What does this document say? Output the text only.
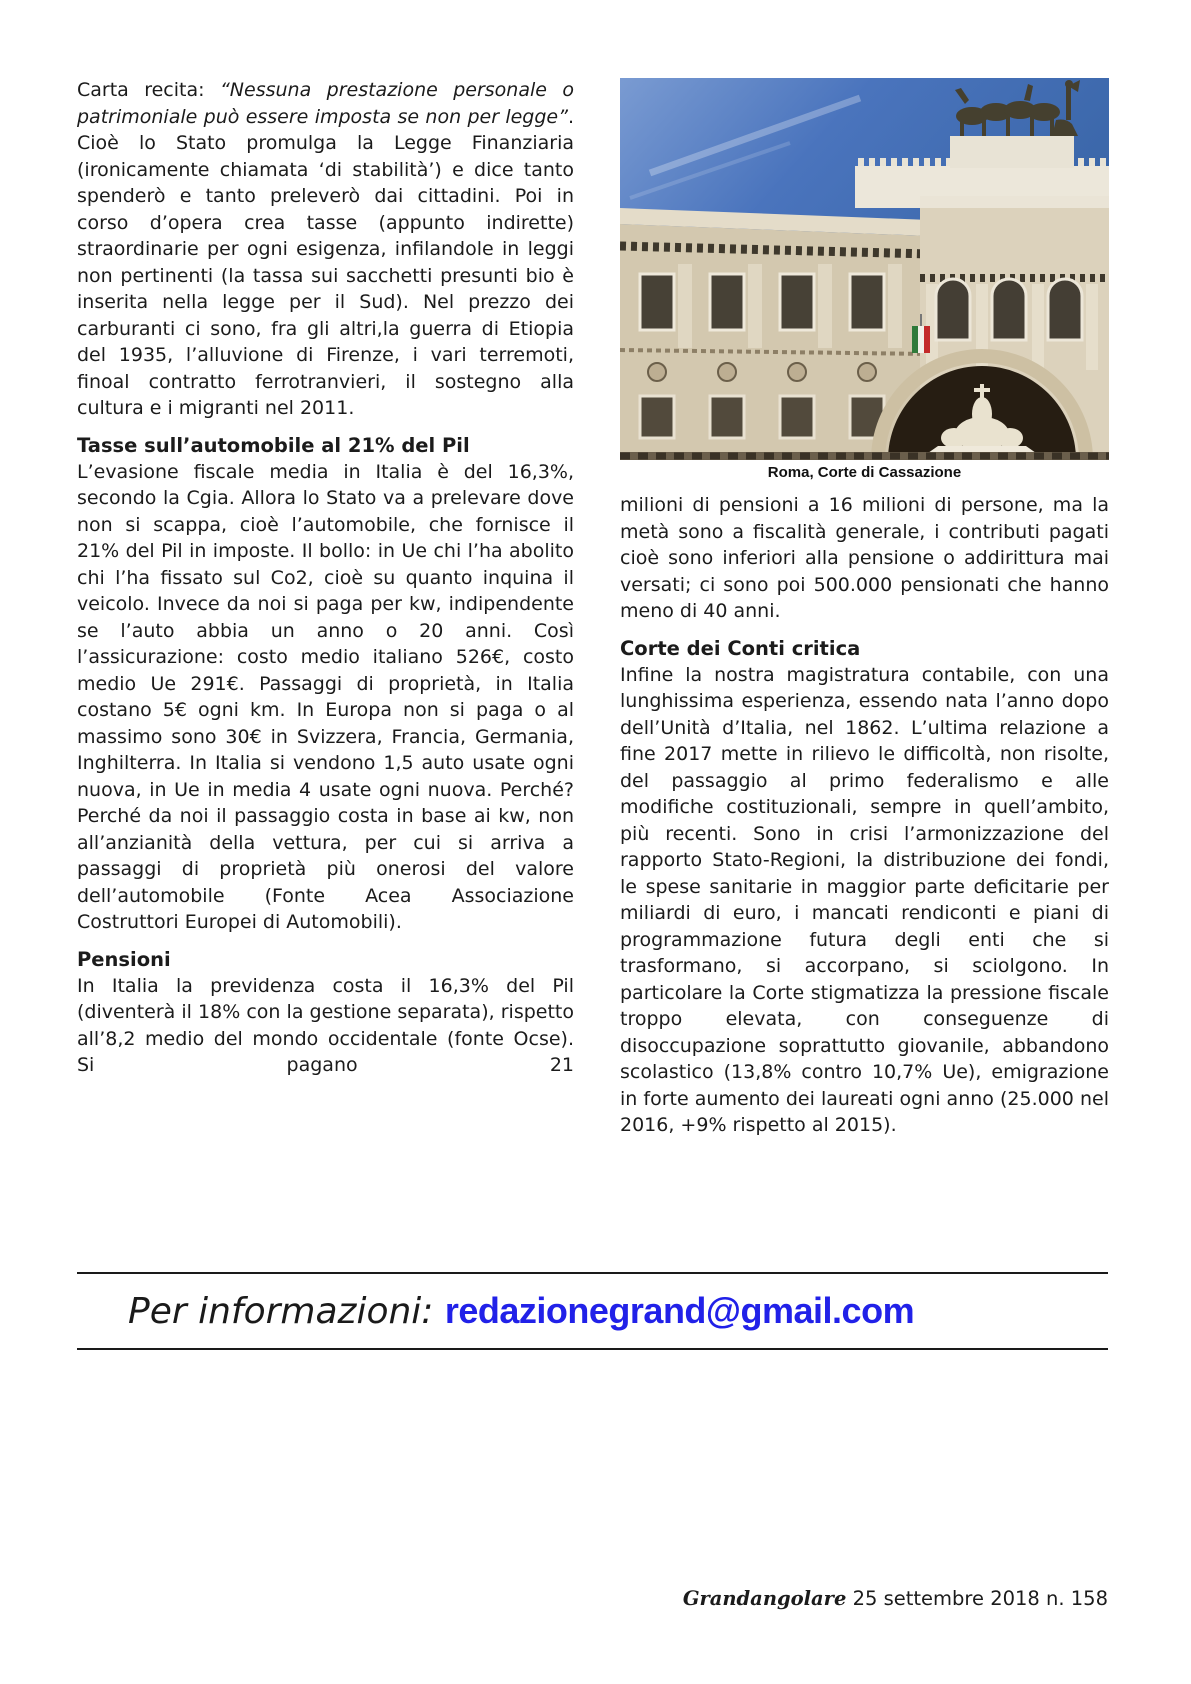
Carta recita: “Nessuna prestazione personale o patrimoniale può essere imposta se non per legge”. Cioè lo Stato promulga la Legge Finanziaria (ironicamente chiamata ‘di stabilità’) e dice tanto spenderò e tanto preleverò dai cittadini. Poi in corso d’opera crea tasse (appunto indirette) straordinarie per ogni esigenza, infilandole in leggi non pertinenti (la tassa sui sacchetti presunti bio è inserita nella legge per il Sud). Nel prezzo dei carburanti ci sono, fra gli altri,la guerra di Etiopia del 1935, l’alluvione di Firenze, i vari terremoti, finoal contratto ferrotranvieri, il sostegno alla cultura e i migranti nel 2011.

Tasse sull’automobile al 21% del Pil

L’evasione fiscale media in Italia è del 16,3%, secondo la Cgia. Allora lo Stato va a prelevare dove non si scappa, cioè l’automobile, che fornisce il 21% del Pil in imposte. Il bollo: in Ue chi l’ha abolito chi l’ha fissato sul Co2, cioè su quanto inquina il veicolo. Invece da noi si paga per kw, indipendente se l’auto abbia un anno o 20 anni. Così l’assicurazione: costo medio italiano 526€, costo medio Ue 291€. Passaggi di proprietà, in Italia costano 5€ ogni km. In Europa non si paga o al massimo sono 30€ in Svizzera, Francia, Germania, Inghilterra. In Italia si vendono 1,5 auto usate ogni nuova, in Ue in media 4 usate ogni nuova. Perché? Perché da noi il passaggio costa in base ai kw, non all’anzianità della vettura, per cui si arriva a passaggi di proprietà più onerosi del valore dell’automobile (Fonte Acea Associazione Costruttori Europei di Automobili).

Pensioni

In Italia la previdenza costa il 16,3% del Pil (diventerà il 18% con la gestione separata), rispetto all’8,2 medio del mondo occidentale (fonte Ocse). Si pagano 21

Roma, Corte di Cassazione

milioni di pensioni a 16 milioni di persone, ma la metà sono a fiscalità generale, i contributi pagati cioè sono inferiori alla pensione o addirittura mai versati; ci sono poi 500.000 pensionati che hanno meno di 40 anni.

Corte dei Conti critica

Infine la nostra magistratura contabile, con una lunghissima esperienza, essendo nata l’anno dopo dell’Unità d’Italia, nel 1862. L’ultima relazione a fine 2017 mette in rilievo le difficoltà, non risolte, del passaggio al primo federalismo e alle modifiche costituzionali, sempre in quell’ambito, più recenti. Sono in crisi l’armonizzazione del rapporto Stato-Regioni, la distribuzione dei fondi, le spese sanitarie in maggior parte deficitarie per miliardi di euro, i mancati rendiconti e piani di programmazione futura degli enti che si trasformano, si accorpano, si sciolgono. In particolare la Corte stigmatizza la pressione fiscale troppo elevata, con conseguenze di disoccupazione soprattutto giovanile, abbandono scolastico (13,8% contro 10,7% Ue), emigrazione in forte aumento dei laureati ogni anno (25.000 nel 2016, +9% rispetto al 2015).

Per informazioni: redazionegrand@gmail.com
Grandangolare 25 settembre 2018 n. 158
